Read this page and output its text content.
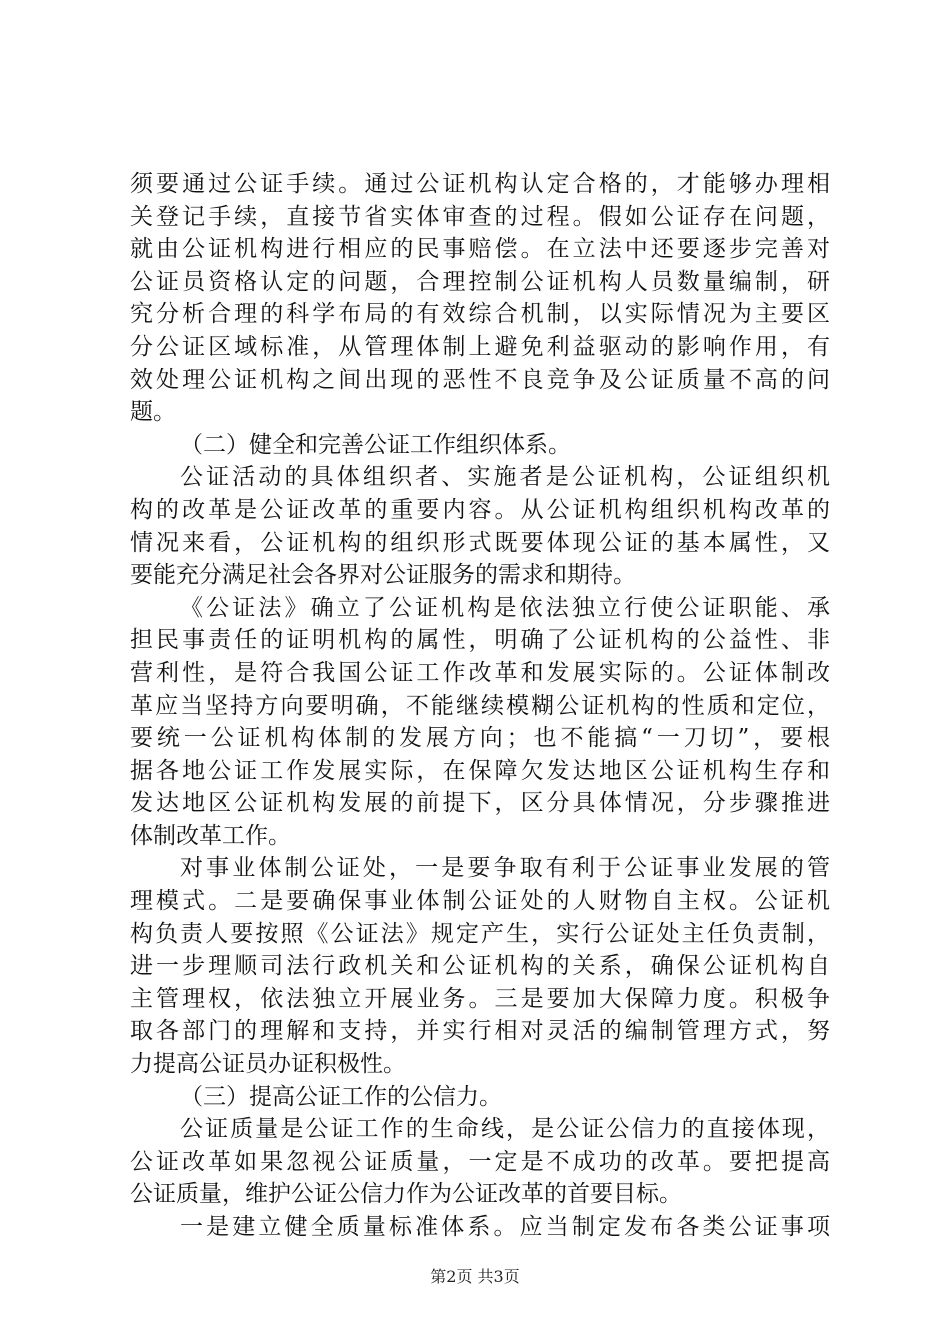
须要通过公证手续。通过公证机构认定合格的，才能够办理相
关登记手续，直接节省实体审查的过程。假如公证存在问题，
就由公证机构进行相应的民事赔偿。在立法中还要逐步完善对
公证员资格认定的问题，合理控制公证机构人员数量编制，研
究分析合理的科学布局的有效综合机制，以实际情况为主要区
分公证区域标准，从管理体制上避免利益驱动的影响作用，有
效处理公证机构之间出现的恶性不良竞争及公证质量不高的问
题。
（二）健全和完善公证工作组织体系。
公证活动的具体组织者、实施者是公证机构，公证组织机
构的改革是公证改革的重要内容。从公证机构组织机构改革的
情况来看，公证机构的组织形式既要体现公证的基本属性，又
要能充分满足社会各界对公证服务的需求和期待。
《公证法》确立了公证机构是依法独立行使公证职能、承
担民事责任的证明机构的属性，明确了公证机构的公益性、非
营利性，是符合我国公证工作改革和发展实际的。公证体制改
革应当坚持方向要明确，不能继续模糊公证机构的性质和定位，
要统一公证机构体制的发展方向；也不能搞“一刀切”，要根
据各地公证工作发展实际，在保障欠发达地区公证机构生存和
发达地区公证机构发展的前提下，区分具体情况，分步骤推进
体制改革工作。
对事业体制公证处，一是要争取有利于公证事业发展的管
理模式。二是要确保事业体制公证处的人财物自主权。公证机
构负责人要按照《公证法》规定产生，实行公证处主任负责制，
进一步理顺司法行政机关和公证机构的关系，确保公证机构自
主管理权，依法独立开展业务。三是要加大保障力度。积极争
取各部门的理解和支持，并实行相对灵活的编制管理方式，努
力提高公证员办证积极性。
（三）提高公证工作的公信力。
公证质量是公证工作的生命线，是公证公信力的直接体现，
公证改革如果忽视公证质量，一定是不成功的改革。要把提高
公证质量，维护公证公信力作为公证改革的首要目标。
一是建立健全质量标准体系。应当制定发布各类公证事项
第2页 共3页
